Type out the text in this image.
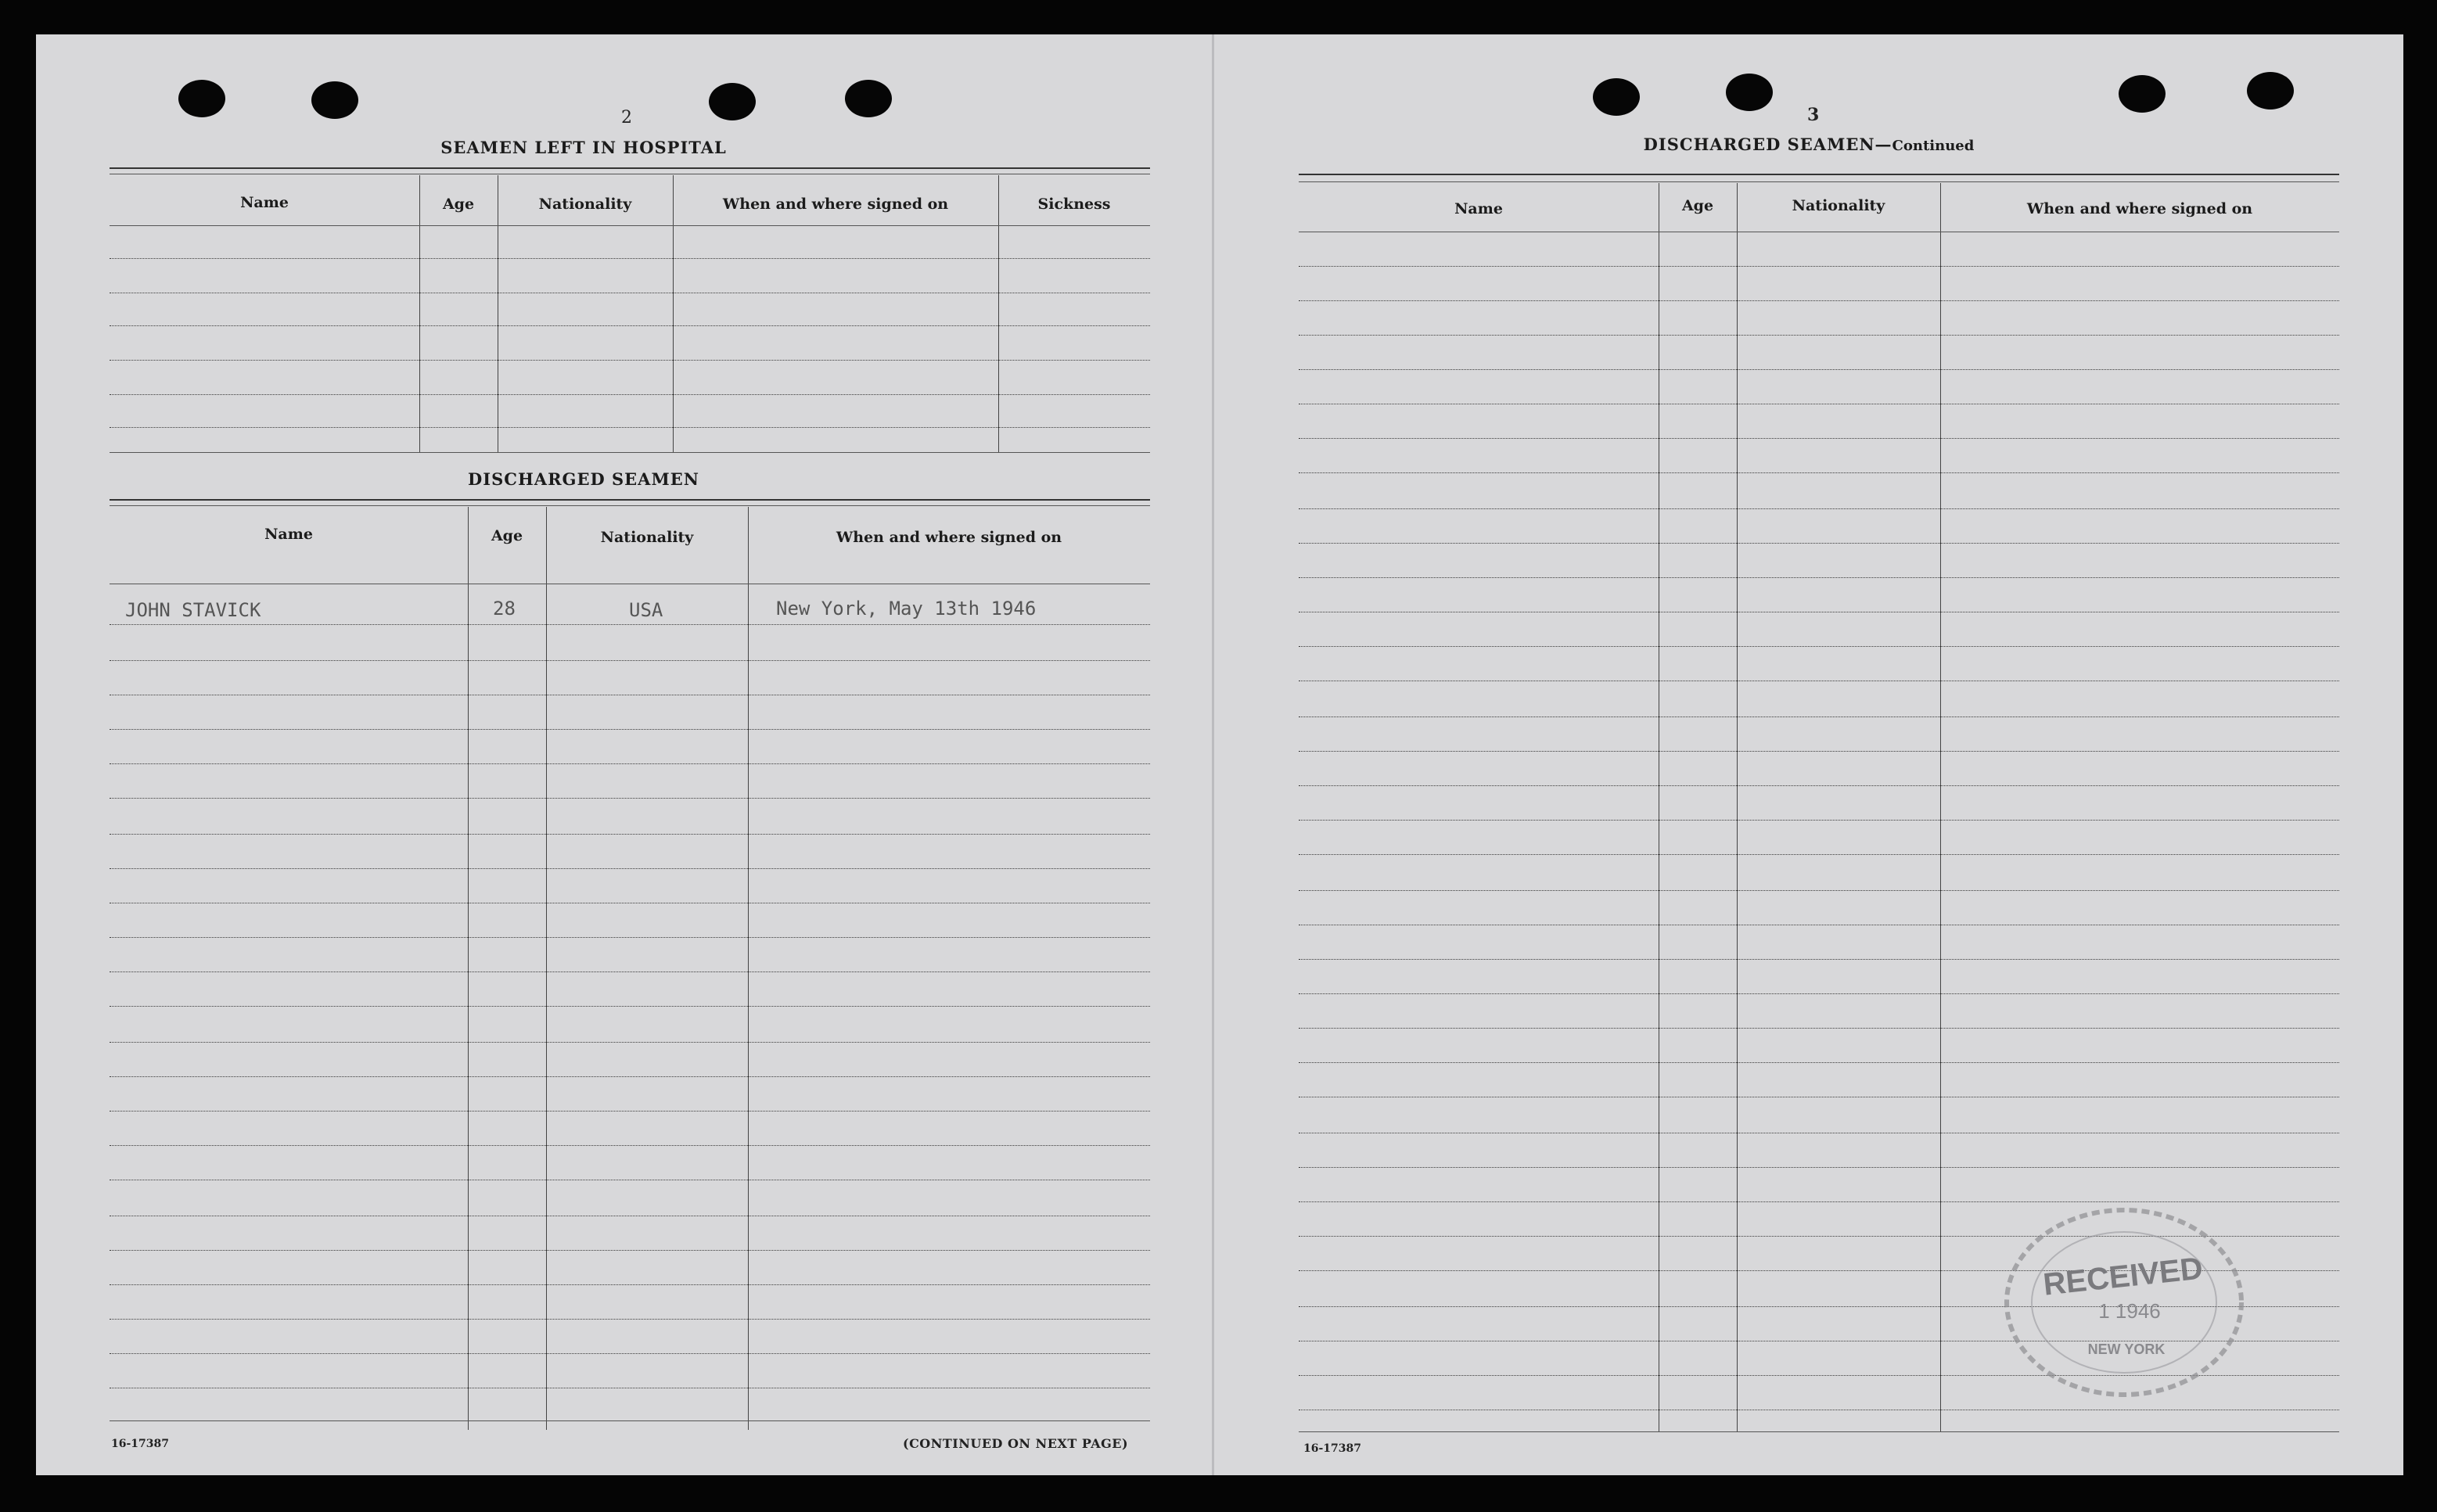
2
SEAMEN LEFT IN HOSPITAL
Name	Age	Nationality	When and where signed on	Sickness
DISCHARGED SEAMEN
Name	Age	Nationality	When and where signed on
JOHN STAVICK	28	USA	New York, May 13th 1946
16-17387	(CONTINUED ON NEXT PAGE)
3
DISCHARGED SEAMEN—Continued
Name	Age	Nationality	When and where signed on
16-17387
RECEIVED
1 1946
NEW YORK
